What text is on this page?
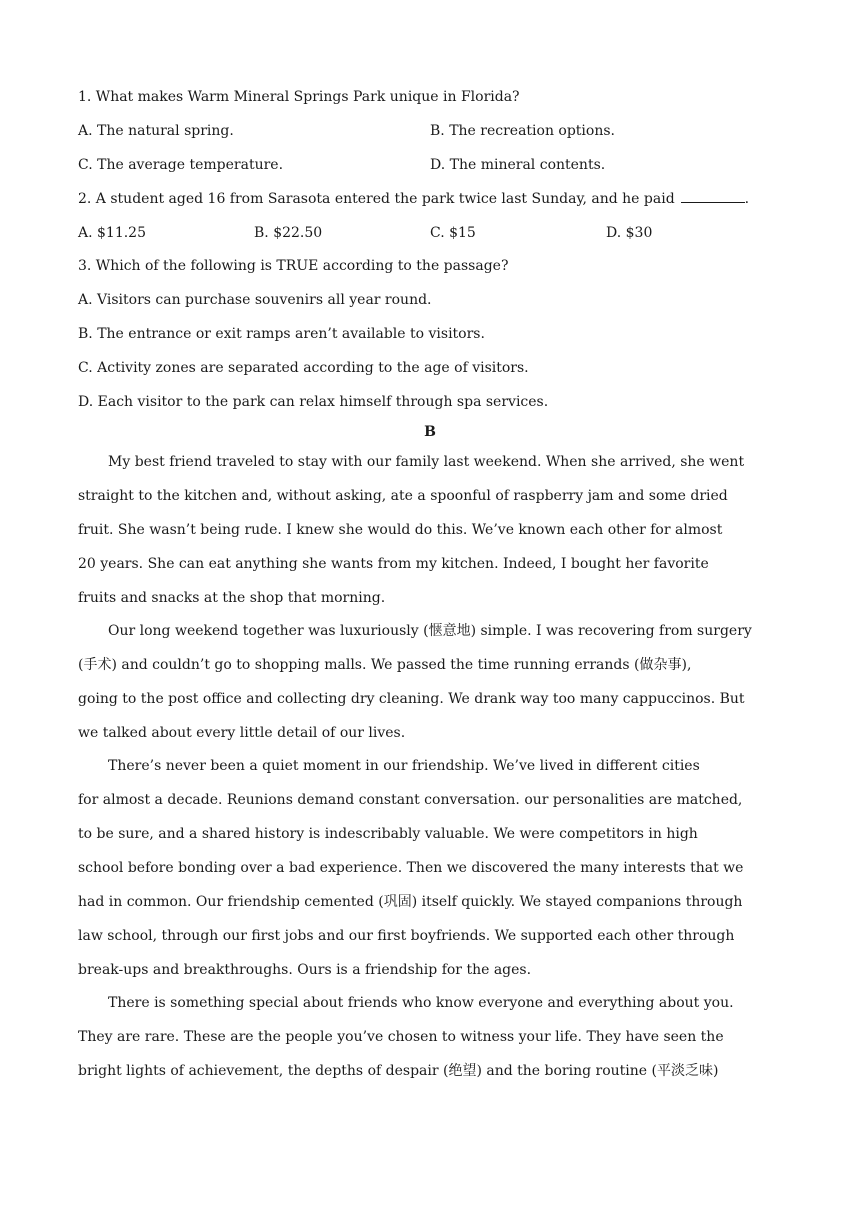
1. What makes Warm Mineral Springs Park unique in Florida?
A. The natural spring.	B. The recreation options.
C. The average temperature.	D. The mineral contents.
2. A student aged 16 from Sarasota entered the park twice last Sunday, and he paid	.
A. $11.25	B. $22.50	C. $15	D. $30
3. Which of the following is TRUE according to the passage?
A. Visitors can purchase souvenirs all year round.
B. The entrance or exit ramps aren’t available to visitors.
C. Activity zones are separated according to the age of visitors.
D. Each visitor to the park can relax himself through spa services.
B
My best friend traveled to stay with our family last weekend. When she arrived, she went
straight to the kitchen and, without asking, ate a spoonful of raspberry jam and some dried
fruit. She wasn’t being rude. I knew she would do this. We’ve known each other for almost
20 years. She can eat anything she wants from my kitchen. Indeed, I bought her favorite
fruits and snacks at the shop that morning.
Our long weekend together was luxuriously (惬意地) simple. I was recovering from surgery
(手术) and couldn’t go to shopping malls. We passed the time running errands (做杂事),
going to the post office and collecting dry cleaning. We drank way too many cappuccinos. But
we talked about every little detail of our lives.
There’s never been a quiet moment in our friendship. We’ve lived in different cities
for almost a decade. Reunions demand constant conversation. our personalities are matched,
to be sure, and a shared history is indescribably valuable. We were competitors in high
school before bonding over a bad experience. Then we discovered the many interests that we
had in common. Our friendship cemented (巩固) itself quickly. We stayed companions through
law school, through our first jobs and our first boyfriends. We supported each other through
break-ups and breakthroughs. Ours is a friendship for the ages.
There is something special about friends who know everyone and everything about you.
They are rare. These are the people you’ve chosen to witness your life. They have seen the
bright lights of achievement, the depths of despair (绝望) and the boring routine (平淡乏味)
